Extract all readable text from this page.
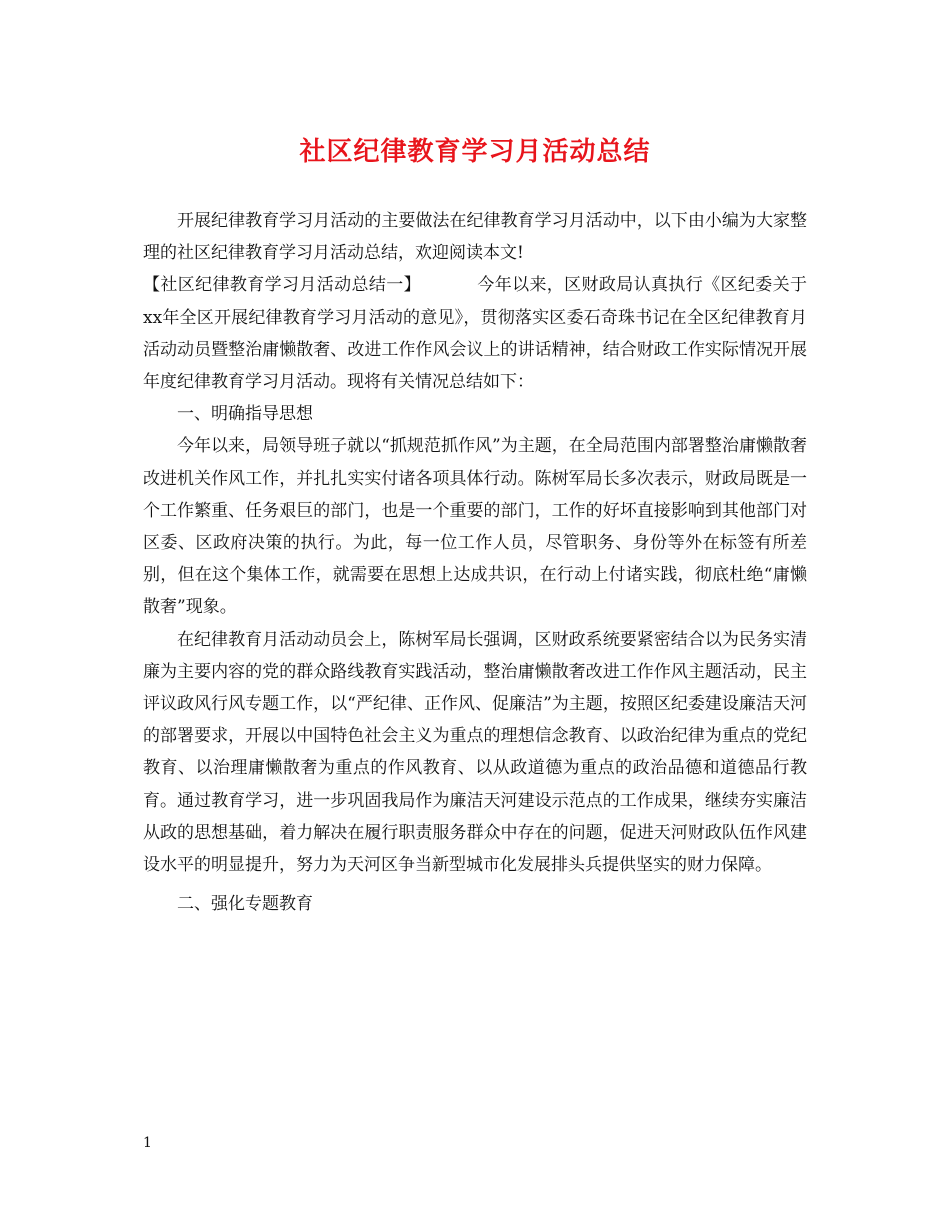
社区纪律教育学习月活动总结

开展纪律教育学习月活动的主要做法在纪律教育学习月活动中，以下由小编为大家整理的社区纪律教育学习月活动总结，欢迎阅读本文!

【社区纪律教育学习月活动总结一】	今年以来，区财政局认真执行《区纪委关于xx年全区开展纪律教育学习月活动的意见》，贯彻落实区委石奇珠书记在全区纪律教育月活动动员暨整治庸懒散奢、改进工作作风会议上的讲话精神，结合财政工作实际情况开展年度纪律教育学习月活动。现将有关情况总结如下：

一、明确指导思想

今年以来，局领导班子就以“抓规范抓作风”为主题，在全局范围内部署整治庸懒散奢改进机关作风工作，并扎扎实实付诸各项具体行动。陈树军局长多次表示，财政局既是一个工作繁重、任务艰巨的部门，也是一个重要的部门，工作的好坏直接影响到其他部门对区委、区政府决策的执行。为此，每一位工作人员，尽管职务、身份等外在标签有所差别，但在这个集体工作，就需要在思想上达成共识，在行动上付诸实践，彻底杜绝“庸懒散奢”现象。

在纪律教育月活动动员会上，陈树军局长强调，区财政系统要紧密结合以为民务实清廉为主要内容的党的群众路线教育实践活动，整治庸懒散奢改进工作作风主题活动，民主评议政风行风专题工作，以“严纪律、正作风、促廉洁”为主题，按照区纪委建设廉洁天河的部署要求，开展以中国特色社会主义为重点的理想信念教育、以政治纪律为重点的党纪教育、以治理庸懒散奢为重点的作风教育、以从政道德为重点的政治品德和道德品行教育。通过教育学习，进一步巩固我局作为廉洁天河建设示范点的工作成果，继续夯实廉洁从政的思想基础，着力解决在履行职责服务群众中存在的问题，促进天河财政队伍作风建设水平的明显提升，努力为天河区争当新型城市化发展排头兵提供坚实的财力保障。

二、强化专题教育

1
